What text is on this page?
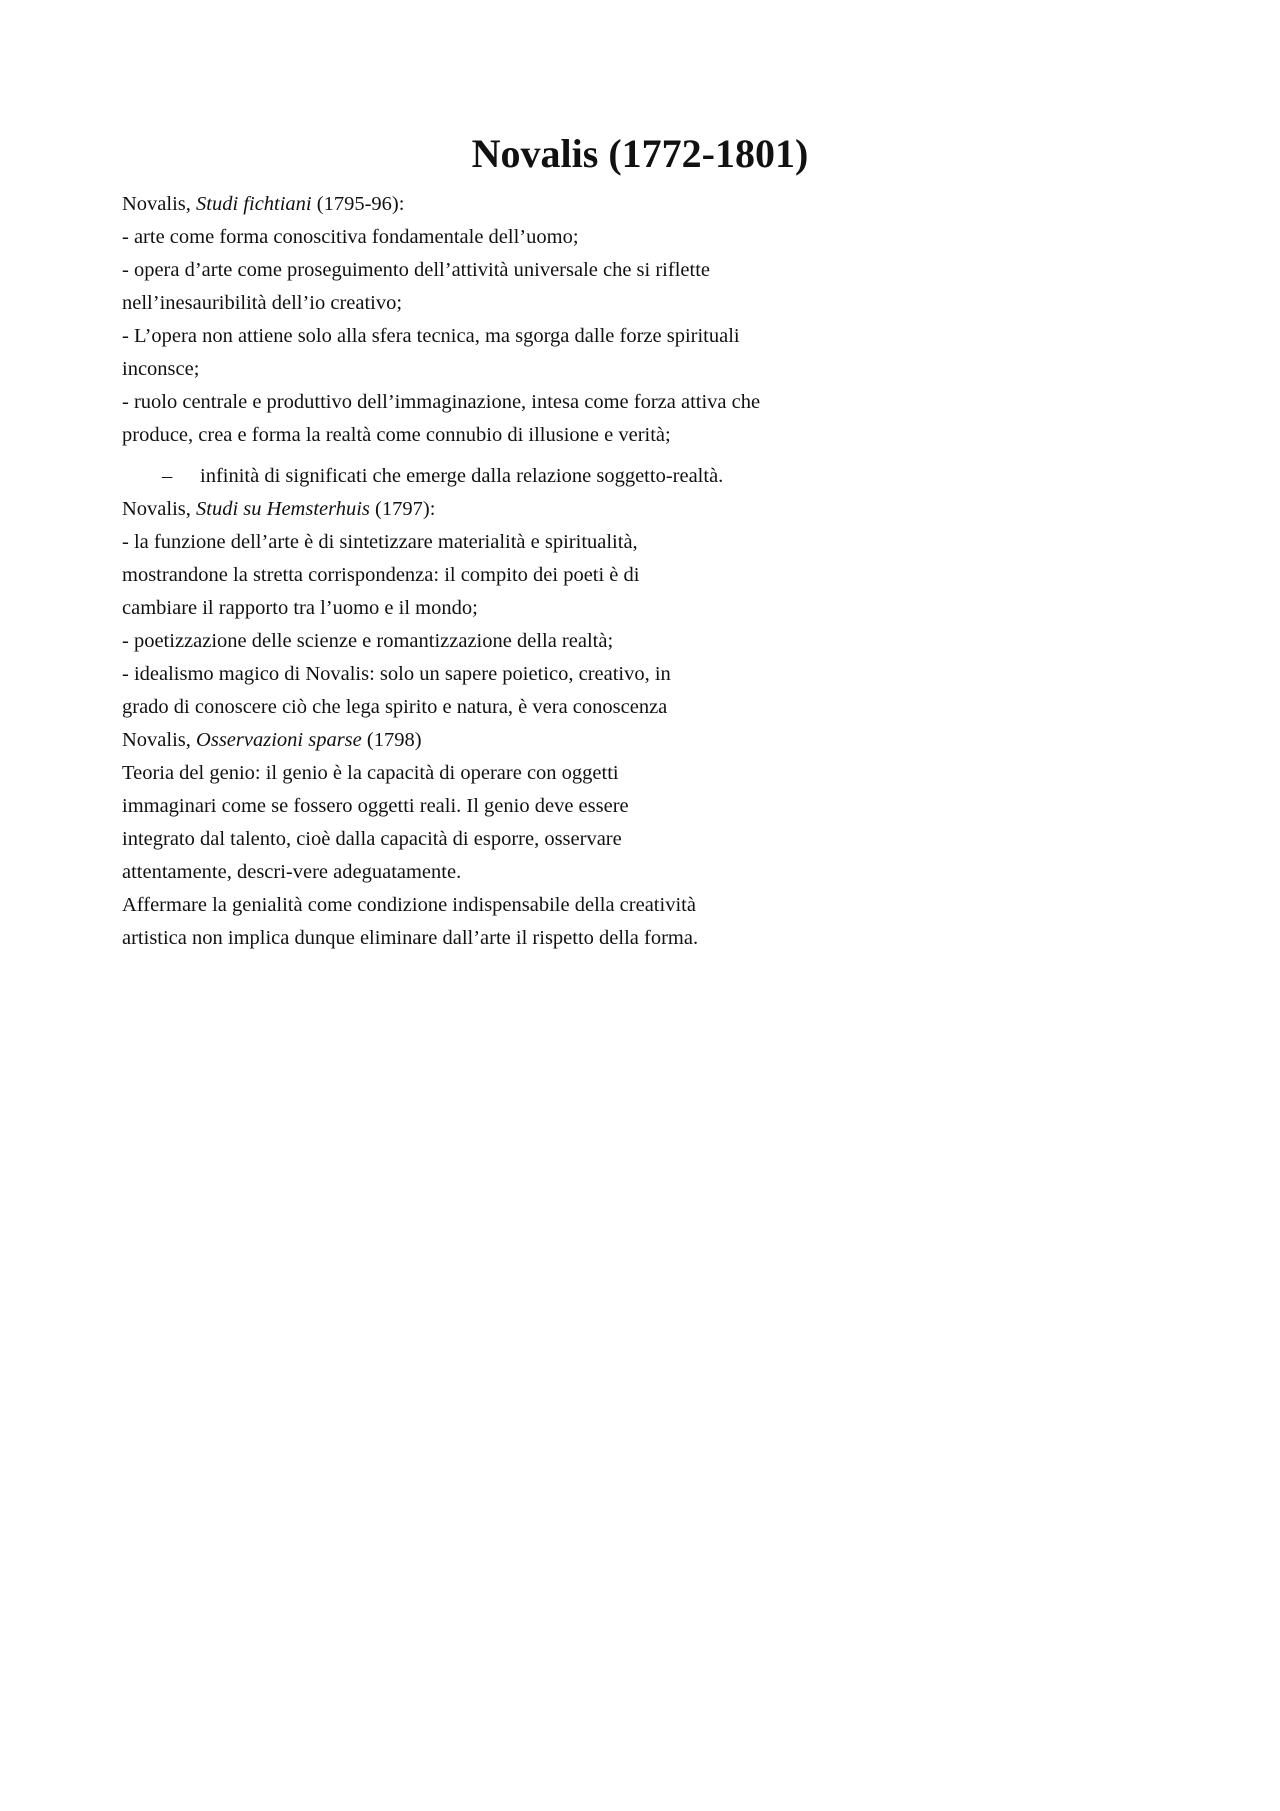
Novalis (1772-1801)

Novalis, Studi fichtiani (1795-96):

- arte come forma conoscitiva fondamentale dell’uomo;

- opera d’arte come proseguimento dell’attività universale che si riflette

nell’inesauribilità dell’io creativo;

- L’opera non attiene solo alla sfera tecnica, ma sgorga dalle forze spirituali

inconsce;

- ruolo centrale e produttivo dell’immaginazione, intesa come forza attiva che

produce, crea e forma la realtà come connubio di illusione e verità;

– infinità di significati che emerge dalla relazione soggetto-realtà.

Novalis, Studi su Hemsterhuis (1797):

- la funzione dell’arte è di sintetizzare materialità e spiritualità,

mostrandone la stretta corrispondenza: il compito dei poeti è di

cambiare il rapporto tra l’uomo e il mondo;

- poetizzazione delle scienze e romantizzazione della realtà;

- idealismo magico di Novalis: solo un sapere poietico, creativo, in

grado di conoscere ciò che lega spirito e natura, è vera conoscenza

Novalis, Osservazioni sparse (1798)

Teoria del genio: il genio è la capacità di operare con oggetti

immaginari come se fossero oggetti reali. Il genio deve essere

integrato dal talento, cioè dalla capacità di esporre, osservare

attentamente, descri-vere adeguatamente.

Affermare la genialità come condizione indispensabile della creatività

artistica non implica dunque eliminare dall’arte il rispetto della forma.
